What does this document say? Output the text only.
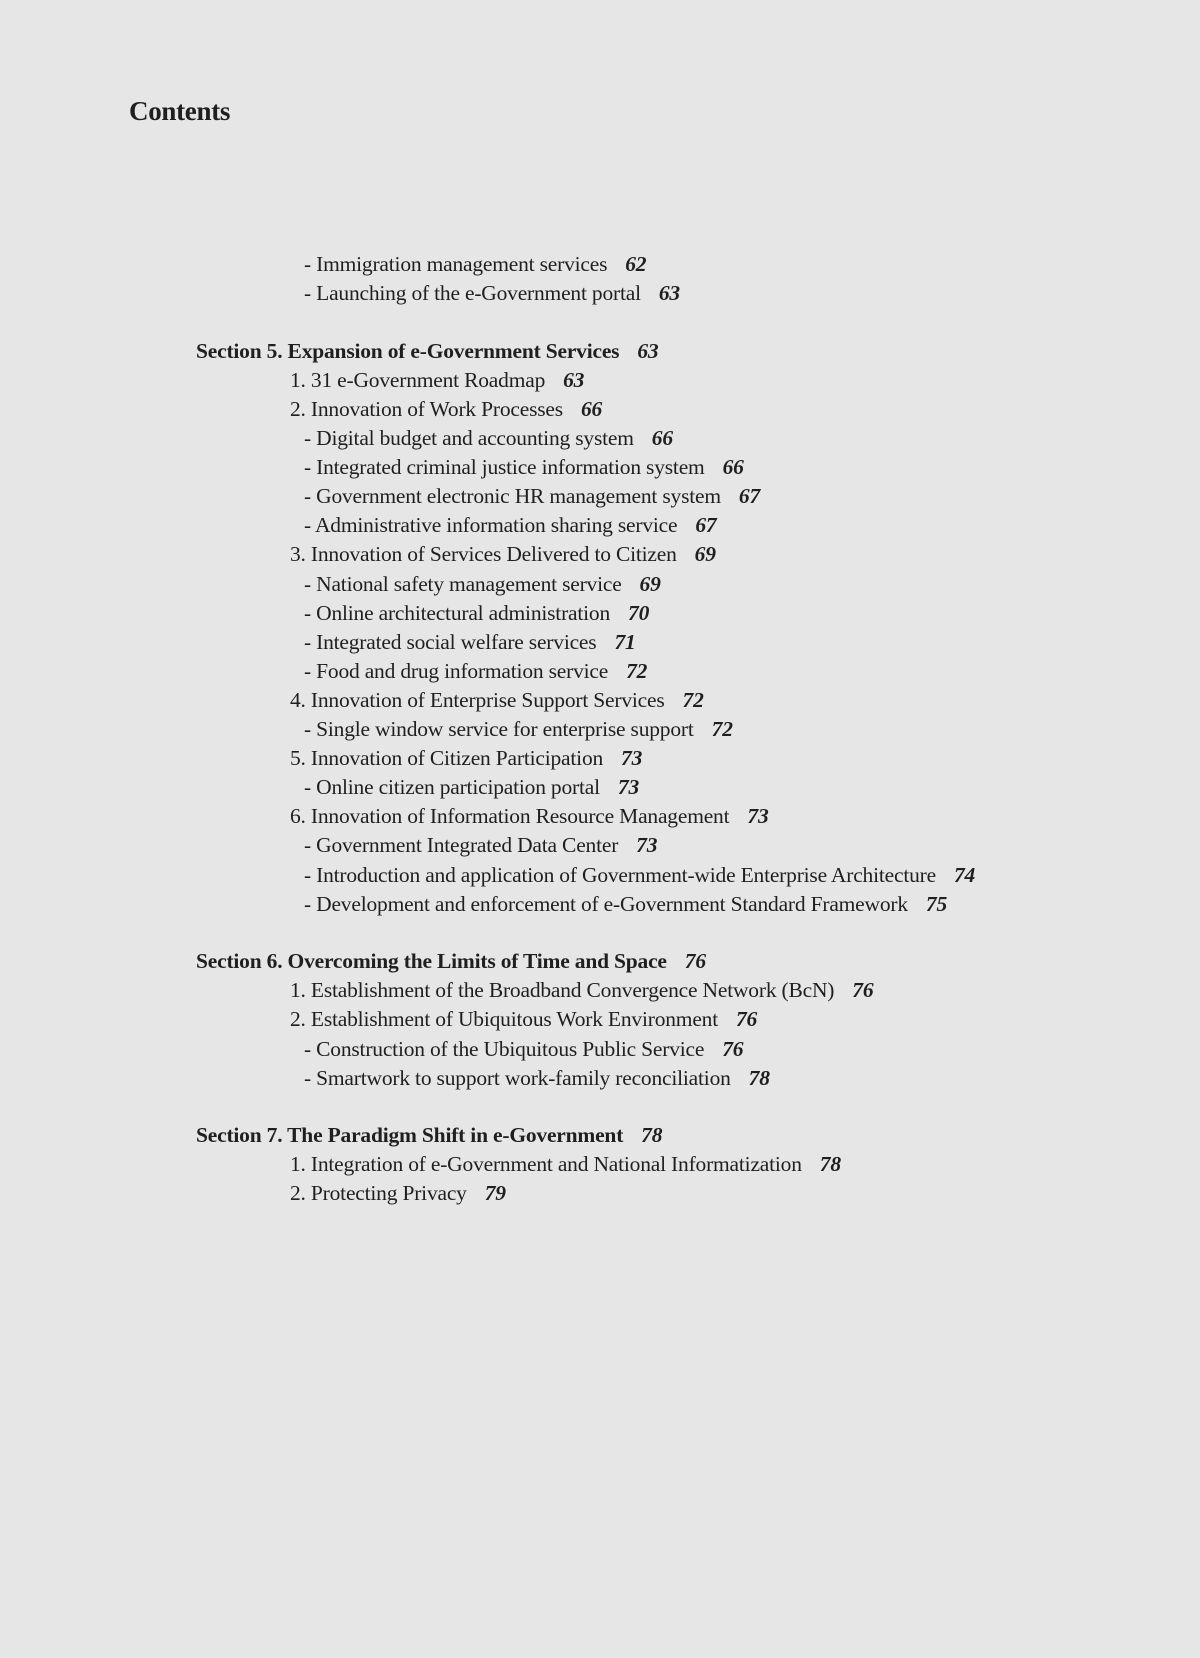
Contents
- Immigration management services 62
- Launching of the e-Government portal 63
Section 5. Expansion of e-Government Services 63
1. 31 e-Government Roadmap 63
2. Innovation of Work Processes 66
- Digital budget and accounting system 66
- Integrated criminal justice information system 66
- Government electronic HR management system 67
- Administrative information sharing service 67
3. Innovation of Services Delivered to Citizen 69
- National safety management service 69
- Online architectural administration 70
- Integrated social welfare services 71
- Food and drug information service 72
4. Innovation of Enterprise Support Services 72
- Single window service for enterprise support 72
5. Innovation of Citizen Participation 73
- Online citizen participation portal 73
6. Innovation of Information Resource Management 73
- Government Integrated Data Center 73
- Introduction and application of Government-wide Enterprise Architecture 74
- Development and enforcement of e-Government Standard Framework 75
Section 6. Overcoming the Limits of Time and Space 76
1. Establishment of the Broadband Convergence Network (BcN) 76
2. Establishment of Ubiquitous Work Environment 76
- Construction of the Ubiquitous Public Service 76
- Smartwork to support work-family reconciliation 78
Section 7. The Paradigm Shift in e-Government 78
1. Integration of e-Government and National Informatization 78
2. Protecting Privacy 79
